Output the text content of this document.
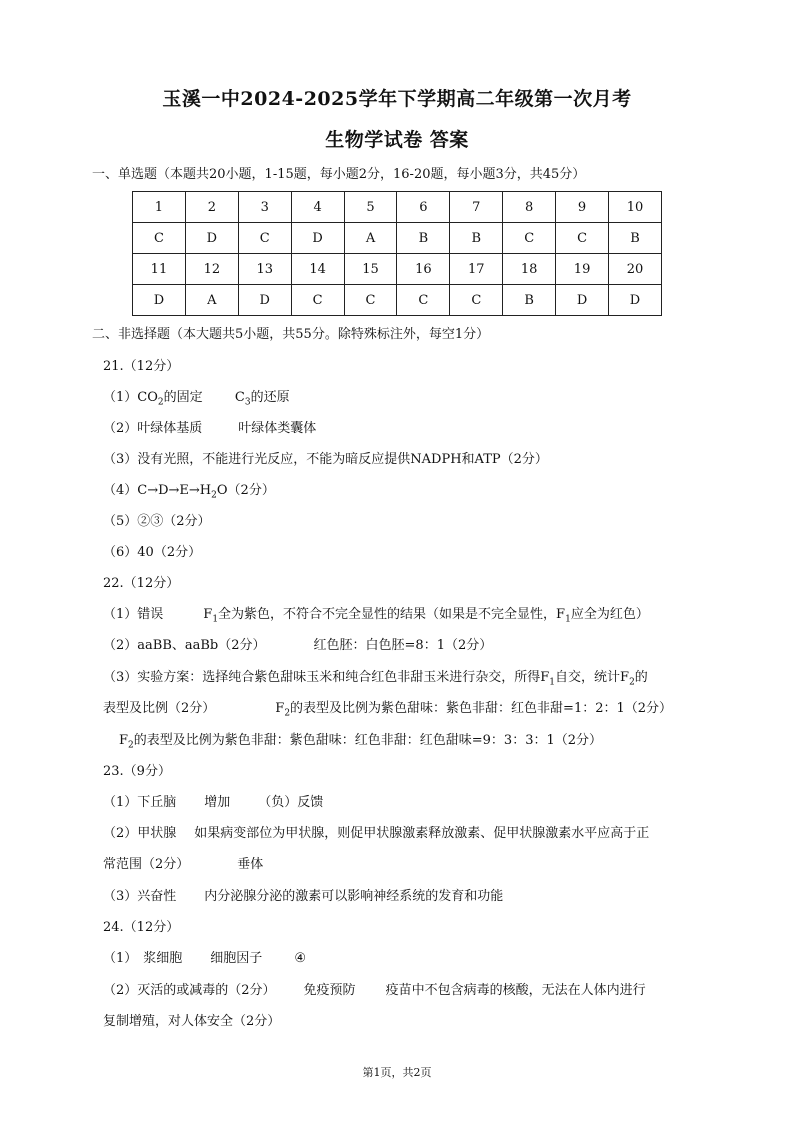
玉溪一中2024-2025学年下学期高二年级第一次月考
生物学试卷 答案
一、单选题（本题共20小题，1-15题，每小题2分，16-20题，每小题3分，共45分）
1	2	3	4	5	6	7	8	9	10
C	D	C	D	A	B	B	C	C	B
11	12	13	14	15	16	17	18	19	20
D	A	D	C	C	C	C	B	D	D
二、非选择题（本大题共5小题，共55分。除特殊标注外，每空1分）
21.（12分）
$(1)CO_2$的固定 $C_3$的还原
（2）叶绿体基质	叶绿体类囊体
（3）没有光照，不能进行光反应，不能为暗反应提供NADPH和ATP（2分）
$(4)C\to D\to E\to H_2O(2$分）
（5）②③（2分）
（6）40（2分）
22.（12分）
（1）错误	$F_1$全为紫色，不符合不完全显性的结果（如果是不完全显性，$F_1$应全为红色）
（2）aaBB、aaBb（2分）	红色胚：白色胚=8：1（2分）
（3）实验方案：选择纯合紫色甜味玉米和纯合红色非甜玉米进行杂交，所得$F_1$自交，统计$F_2$的
表型及比例（2分）	$F_2$的表型及比例为紫色甜味：紫色非甜：红色非甜=1：2：1（2分）
$F_2$的表型及比例为紫色非甜：紫色甜味：红色非甜：红色甜味=9：3：3：1（2分）
23.（9分）
（1）下丘脑 增加 （负）反馈
（2）甲状腺 如果病变部位为甲状腺，则促甲状腺激素释放激素、促甲状腺激素水平应高于正
常范围（2分）	垂体
（3）兴奋性 内分泌腺分泌的激素可以影响神经系统的发育和功能
24.（12分）
（1） 浆细胞 细胞因子 ④
（2）灭活的或减毒的（2分） 免疫预防 疫苗中不包含病毒的核酸，无法在人体内进行
复制增殖，对人体安全（2分）
第1页，共2页
